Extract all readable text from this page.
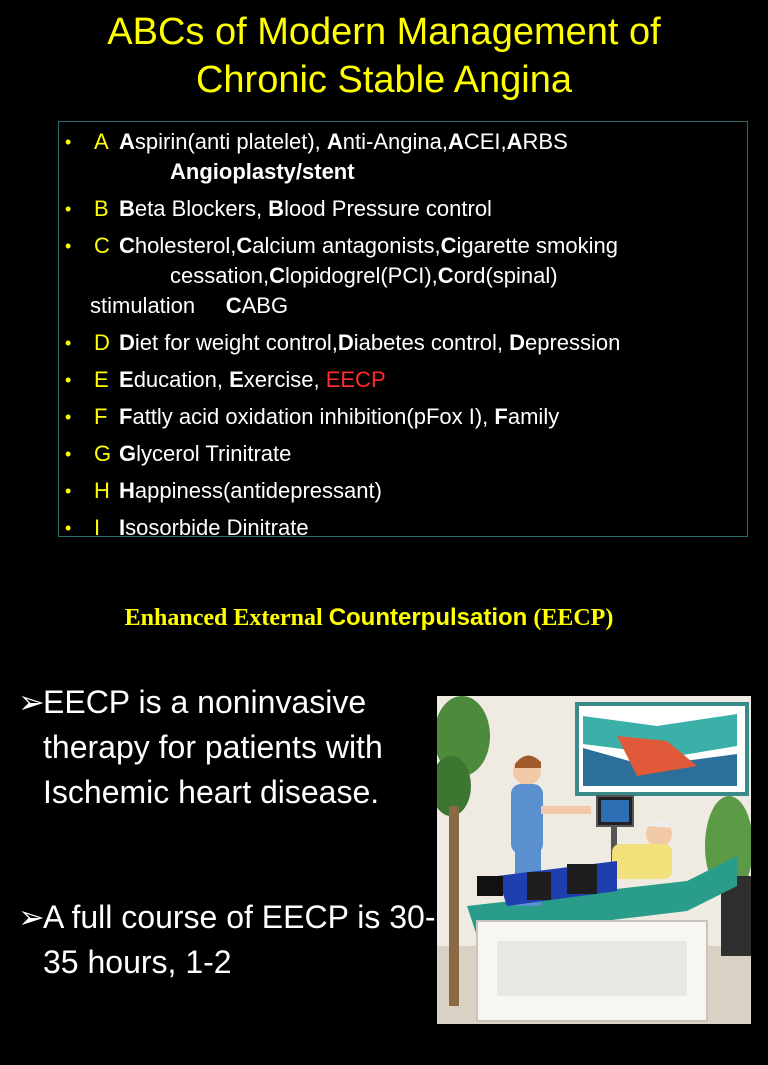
ABCs of Modern Management of
Chronic Stable Angina
• A Aspirin(anti platelet), Anti-Angina,ACEI,ARBS
Angioplasty/stent
• B Beta Blockers, Blood Pressure control
• C Cholesterol,Calcium antagonists,Cigarette smoking
cessation,Clopidogrel(PCI),Cord(spinal)
stimulation     CABG
• D Diet for weight control,Diabetes control, Depression
• E Education, Exercise, EECP
• F Fattly acid oxidation inhibition(pFox I), Family
• G Glycerol Trinitrate
• H Happiness(antidepressant)
• I Isosorbide Dinitrate
Enhanced External Counterpulsation (EECP)
➢
EECP is a noninvasive therapy for patients with Ischemic heart disease.
➢
A full course of EECP is 30-35 hours, 1-2
